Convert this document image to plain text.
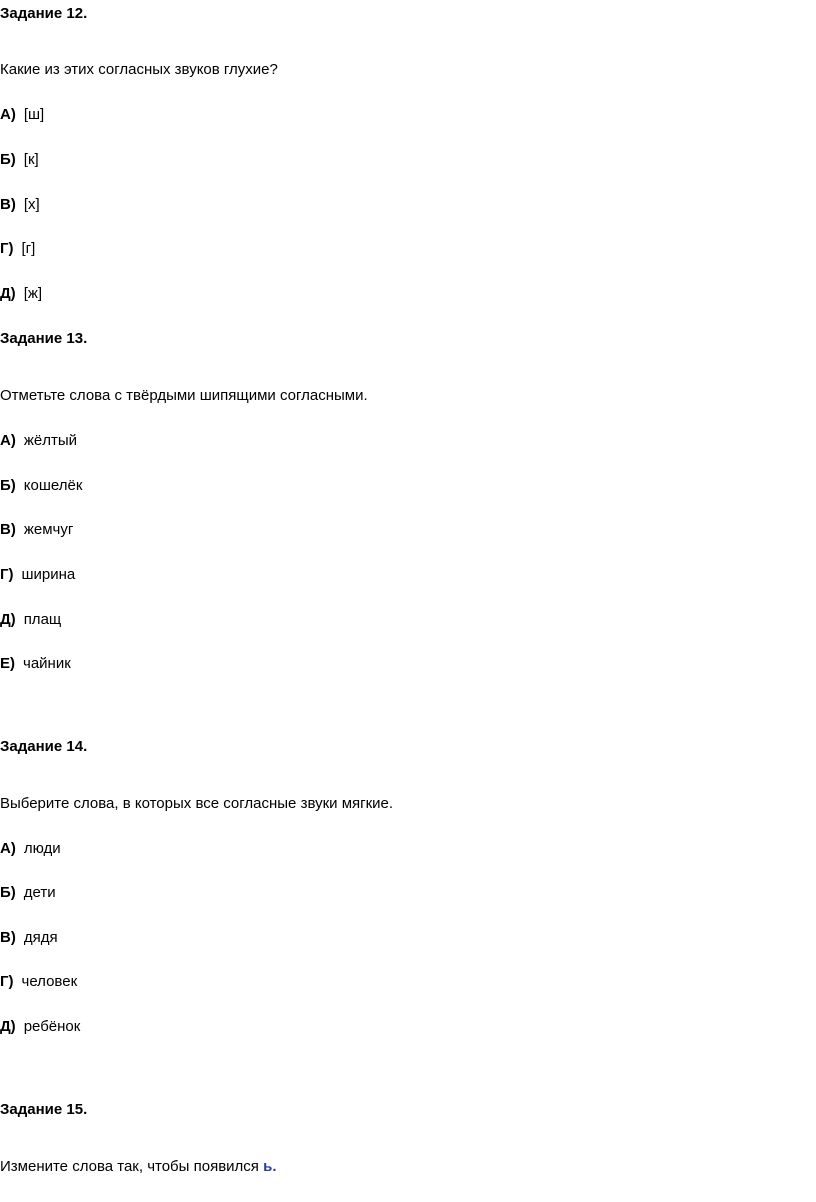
Задание 12.
Какие из этих согласных звуков глухие?
А) [ш]
Б) [к]
В) [х]
Г) [г]
Д) [ж]
Задание 13.
Отметьте слова с твёрдыми шипящими согласными.
А) жёлтый
Б) кошелёк
В) жемчуг
Г) ширина
Д) плащ
Е) чайник
Задание 14.
Выберите слова, в которых все согласные звуки мягкие.
А) люди
Б) дети
В) дядя
Г) человек
Д) ребёнок
Задание 15.
Измените слова так, чтобы появился ь.
